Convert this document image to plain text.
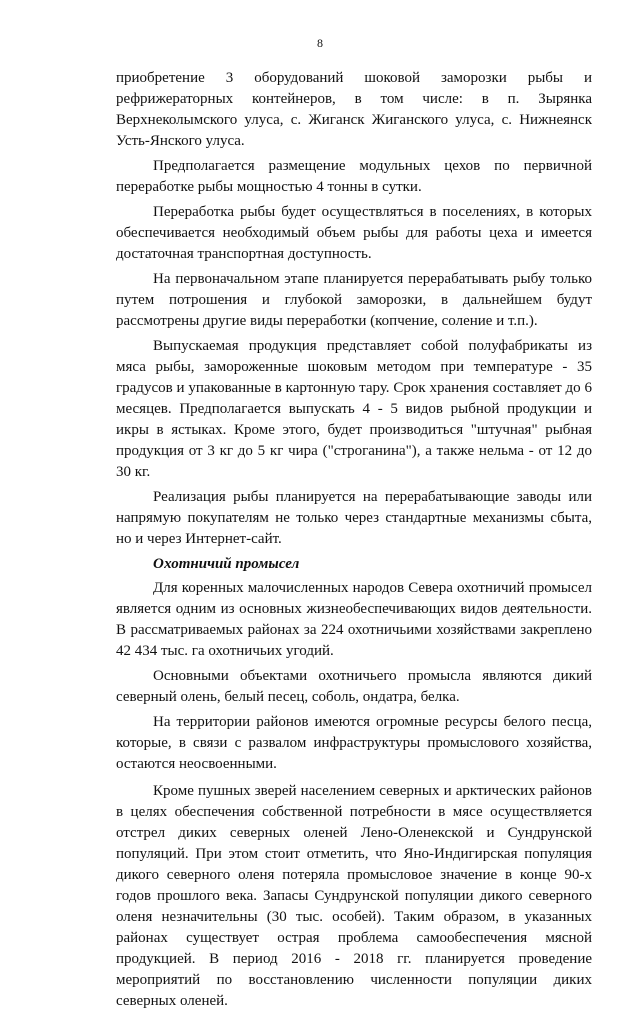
8

приобретение 3 оборудований шоковой заморозки рыбы и рефрижераторных контейнеров, в том числе: в п. Зырянка Верхнеколымского улуса, с. Жиганск Жиганского улуса, с. Нижнеянск Усть-Янского улуса.

Предполагается размещение модульных цехов по первичной переработке рыбы мощностью 4 тонны в сутки.

Переработка рыбы будет осуществляться в поселениях, в которых обеспечивается необходимый объем рыбы для работы цеха и имеется достаточная транспортная доступность.

На первоначальном этапе планируется перерабатывать рыбу только путем потрошения и глубокой заморозки, в дальнейшем будут рассмотрены другие виды переработки (копчение, соление и т.п.).

Выпускаемая продукция представляет собой полуфабрикаты из мяса рыбы, замороженные шоковым методом при температуре - 35 градусов и упакованные в картонную тару. Срок хранения составляет до 6 месяцев. Предполагается выпускать 4 - 5 видов рыбной продукции и икры в ястыках. Кроме этого, будет производиться "штучная" рыбная продукция от 3 кг до 5 кг чира ("строганина"), а также нельма - от 12 до 30 кг.

Реализация рыбы планируется на перерабатывающие заводы или напрямую покупателям не только через стандартные механизмы сбыта, но и через Интернет-сайт.

Охотничий промысел

Для коренных малочисленных народов Севера охотничий промысел является одним из основных жизнеобеспечивающих видов деятельности. В рассматриваемых районах за 224 охотничьими хозяйствами закреплено 42 434 тыс. га охотничьих угодий.

Основными объектами охотничьего промысла являются дикий северный олень, белый песец, соболь, ондатра, белка.

На территории районов имеются огромные ресурсы белого песца, которые, в связи с развалом инфраструктуры промыслового хозяйства, остаются неосвоенными.

Кроме пушных зверей населением северных и арктических районов в целях обеспечения собственной потребности в мясе осуществляется отстрел диких северных оленей Лено-Оленекской и Сундрунской популяций. При этом стоит отметить, что Яно-Индигирская популяция дикого северного оленя потеряла промысловое значение в конце 90-х годов прошлого века. Запасы Сундрунской популяции дикого северного оленя незначительны (30 тыс. особей). Таким образом, в указанных районах существует острая проблема самообеспечения мясной продукцией. В период 2016 - 2018 гг. планируется проведение мероприятий по восстановлению численности популяции диких северных оленей.
